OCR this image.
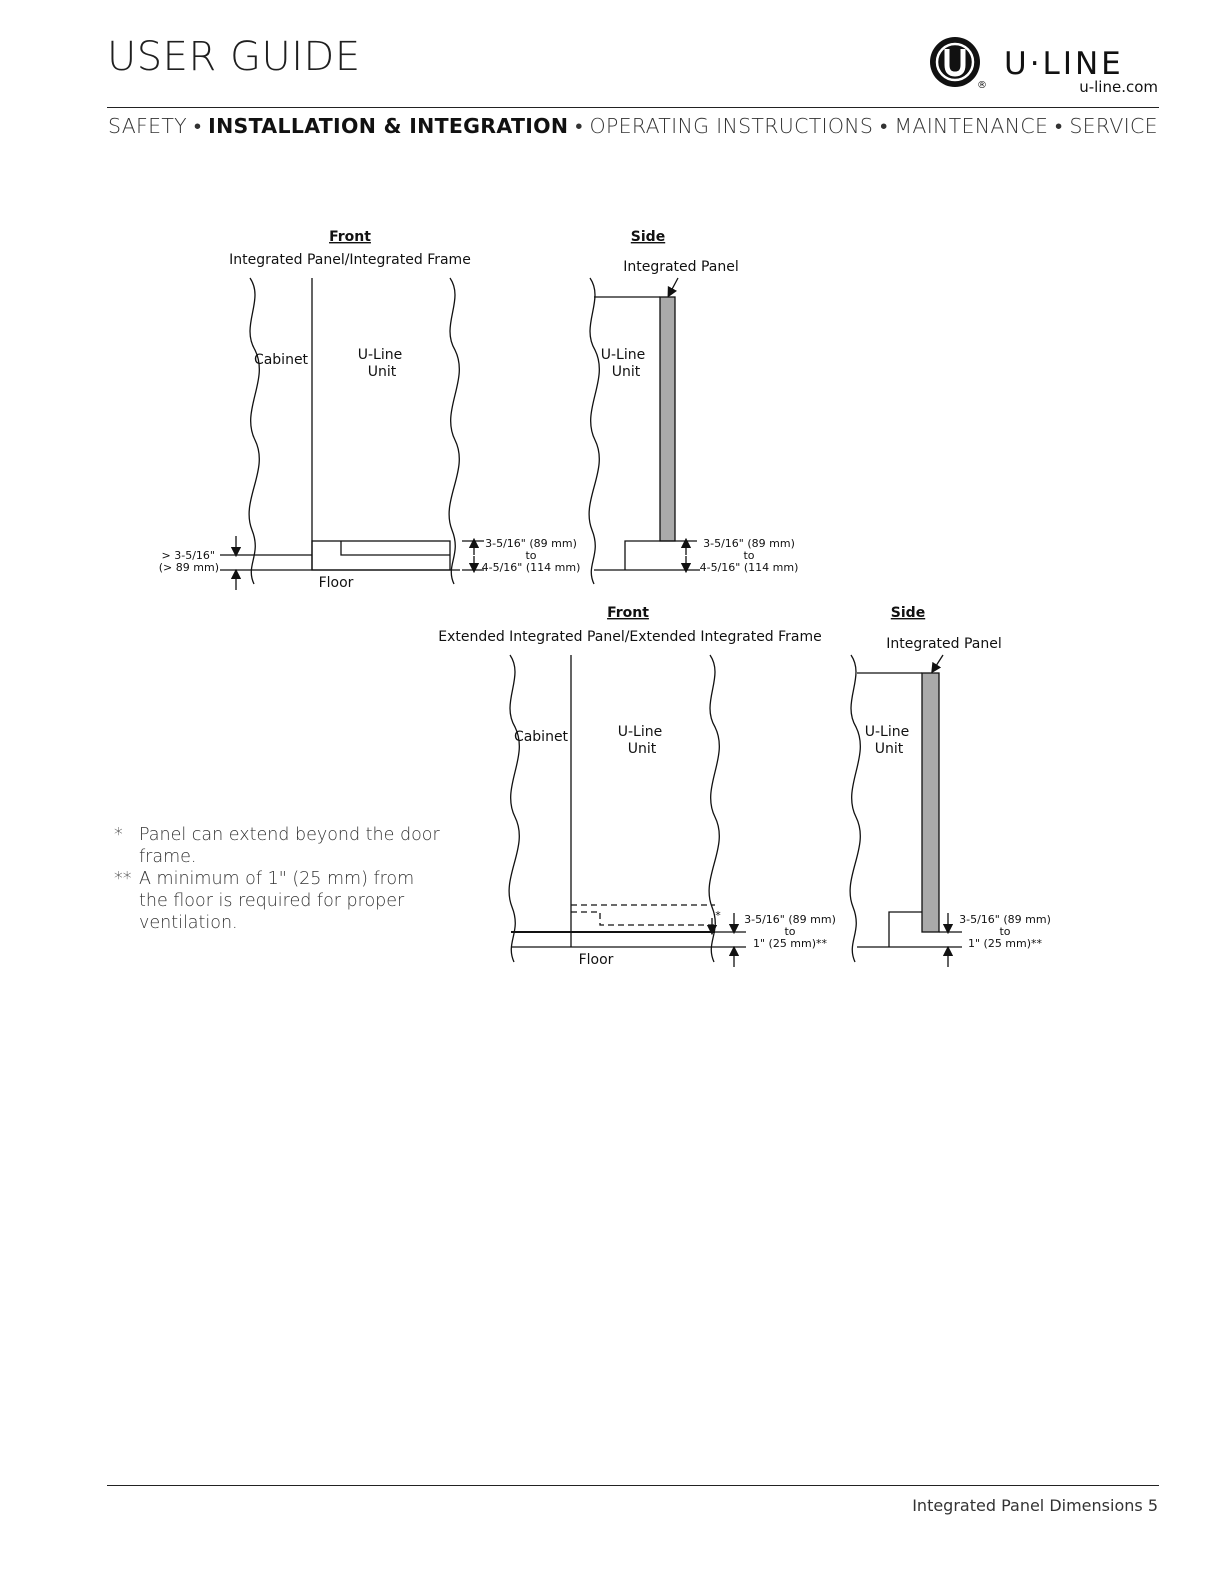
USER GUIDE
®
U·LINE
u-line.com
SAFETY • INSTALLATION & INTEGRATION • OPERATING INSTRUCTIONS • MAINTENANCE • SERVICE
Front
Integrated Panel/Integrated Frame
Side
Integrated Panel
Cabinet	U-Line
Unit
U-Line
Unit
Floor
> 3-5/16"
(> 89 mm)
3-5/16" (89 mm)
to
4-5/16" (114 mm)
3-5/16" (89 mm)
to
4-5/16" (114 mm)
Front
Extended Integrated Panel/Extended Integrated Frame
Side
Integrated Panel
Cabinet	U-Line
Unit
U-Line
Unit
Floor
* 3-5/16" (89 mm)
to
1" (25 mm)**
3-5/16" (89 mm)
to
1" (25 mm)**
* Panel can extend beyond the door frame.
** A minimum of 1" (25 mm) from the floor is required for proper ventilation.
Integrated Panel Dimensions 5
